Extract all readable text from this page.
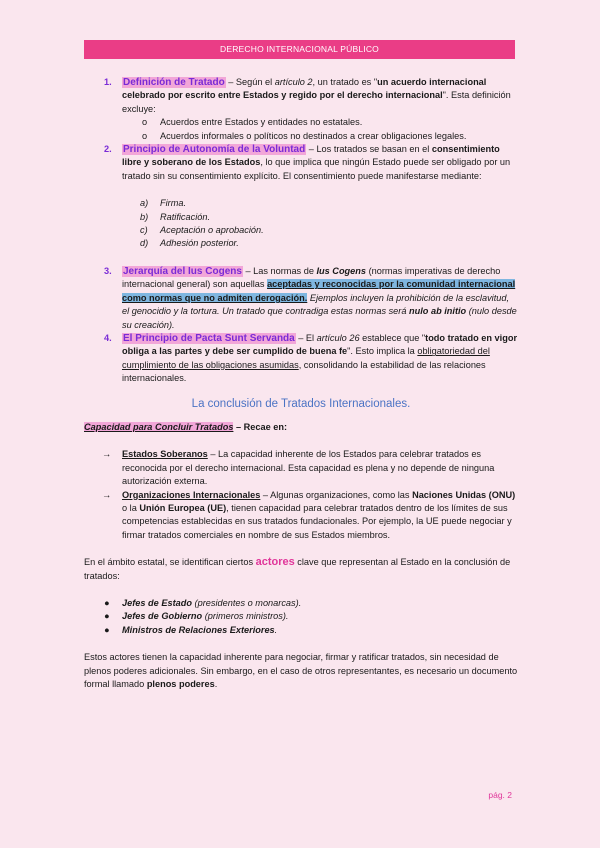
DERECHO INTERNACIONAL PÚBLICO
1. Definición de Tratado – Según el artículo 2, un tratado es "un acuerdo internacional celebrado por escrito entre Estados y regido por el derecho internacional". Esta definición excluye:
o Acuerdos entre Estados y entidades no estatales.
o Acuerdos informales o políticos no destinados a crear obligaciones legales.
2. Principio de Autonomía de la Voluntad – Los tratados se basan en el consentimiento libre y soberano de los Estados, lo que implica que ningún Estado puede ser obligado por un tratado sin su consentimiento explícito. El consentimiento puede manifestarse mediante:
a) Firma.
b) Ratificación.
c) Aceptación o aprobación.
d) Adhesión posterior.
3. Jerarquía del Ius Cogens – Las normas de Ius Cogens (normas imperativas de derecho internacional general) son aquellas aceptadas y reconocidas por la comunidad internacional como normas que no admiten derogación. Ejemplos incluyen la prohibición de la esclavitud, el genocidio y la tortura. Un tratado que contradiga estas normas será nulo ab initio (nulo desde su creación).
4. El Principio de Pacta Sunt Servanda – El artículo 26 establece que "todo tratado en vigor obliga a las partes y debe ser cumplido de buena fe". Esto implica la obligatoriedad del cumplimiento de las obligaciones asumidas, consolidando la estabilidad de las relaciones internacionales.
La conclusión de Tratados Internacionales.
Capacidad para Concluir Tratados – Recae en:
→ Estados Soberanos – La capacidad inherente de los Estados para celebrar tratados es reconocida por el derecho internacional. Esta capacidad es plena y no depende de ninguna autorización externa.
→ Organizaciones Internacionales – Algunas organizaciones, como las Naciones Unidas (ONU) o la Unión Europea (UE), tienen capacidad para celebrar tratados dentro de los límites de sus competencias establecidas en sus tratados fundacionales. Por ejemplo, la UE puede negociar y firmar tratados comerciales en nombre de sus Estados miembros.
En el ámbito estatal, se identifican ciertos actores clave que representan al Estado en la conclusión de tratados:
● Jefes de Estado (presidentes o monarcas).
● Jefes de Gobierno (primeros ministros).
● Ministros de Relaciones Exteriores.
Estos actores tienen la capacidad inherente para negociar, firmar y ratificar tratados, sin necesidad de plenos poderes adicionales. Sin embargo, en el caso de otros representantes, es necesario un documento formal llamado plenos poderes.
pág. 2
